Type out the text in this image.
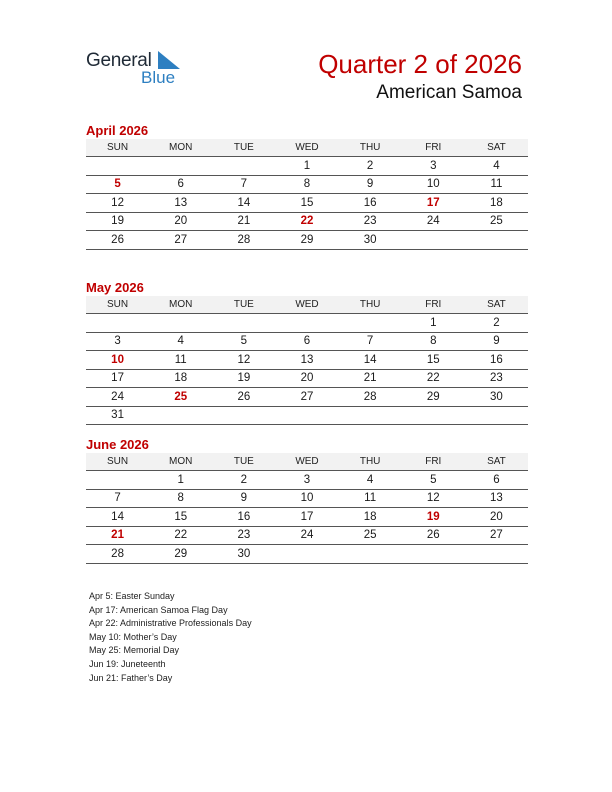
General
Blue	Quarter 2 of 2026
American Samoa
April 2026
SUN	MON	TUE	WED	THU	FRI	SAT
			1	2	3	4
5	6	7	8	9	10	11
12	13	14	15	16	17	18
19	20	21	22	23	24	25
26	27	28	29	30		
May 2026
SUN	MON	TUE	WED	THU	FRI	SAT
					1	2
3	4	5	6	7	8	9
10	11	12	13	14	15	16
17	18	19	20	21	22	23
24	25	26	27	28	29	30
31						
June 2026
SUN	MON	TUE	WED	THU	FRI	SAT
	1	2	3	4	5	6
7	8	9	10	11	12	13
14	15	16	17	18	19	20
21	22	23	24	25	26	27
28	29	30				
Apr 5: Easter Sunday
Apr 17: American Samoa Flag Day
Apr 22: Administrative Professionals Day
May 10: Mother’s Day
May 25: Memorial Day
Jun 19: Juneteenth
Jun 21: Father’s Day
